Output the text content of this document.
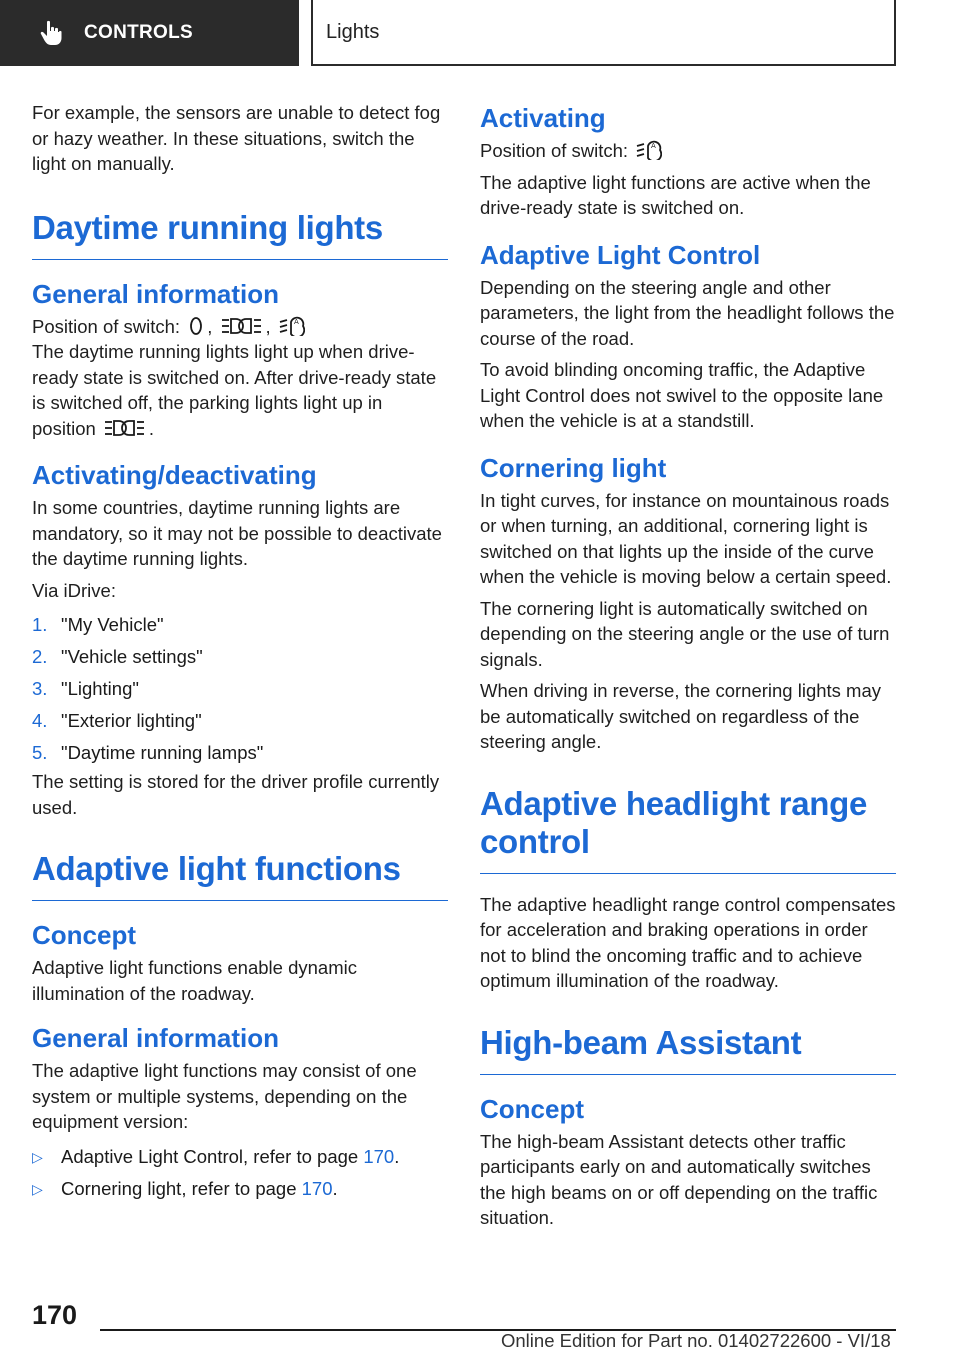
CONTROLS	Lights

For example, the sensors are unable to detect fog or hazy weather. In these situations, switch the light on manually.

Daytime running lights
General information

Position of switch: ,	,	A

The daytime running lights light up when drive-ready state is switched on. After drive-ready state is switched off, the parking lights light up in position	.

Activating/deactivating

In some countries, daytime running lights are mandatory, so it may not be possible to deactivate the daytime running lights.

Via iDrive:

1. "My Vehicle"
2. "Vehicle settings"
3. "Lighting"
4. "Exterior lighting"
5. "Daytime running lamps"

The setting is stored for the driver profile currently used.

Adaptive light functions
Concept

Adaptive light functions enable dynamic illumination of the roadway.

General information

The adaptive light functions may consist of one system or multiple systems, depending on the equipment version:

▷ Adaptive Light Control, refer to page 170.
▷ Cornering light, refer to page 170.
Activating

Position of switch:	A

The adaptive light functions are active when the drive-ready state is switched on.

Adaptive Light Control

Depending on the steering angle and other parameters, the light from the headlight follows the course of the road.

To avoid blinding oncoming traffic, the Adaptive Light Control does not swivel to the opposite lane when the vehicle is at a standstill.

Cornering light

In tight curves, for instance on mountainous roads or when turning, an additional, cornering light is switched on that lights up the inside of the curve when the vehicle is moving below a certain speed.

The cornering light is automatically switched on depending on the steering angle or the use of turn signals.

When driving in reverse, the cornering lights may be automatically switched on regardless of the steering angle.

Adaptive headlight range control

The adaptive headlight range control compensates for acceleration and braking operations in order not to blind the oncoming traffic and to achieve optimum illumination of the roadway.

High-beam Assistant
Concept

The high-beam Assistant detects other traffic participants early on and automatically switches the high beams on or off depending on the traffic situation.

170
Online Edition for Part no. 01402722600 - VI/18
